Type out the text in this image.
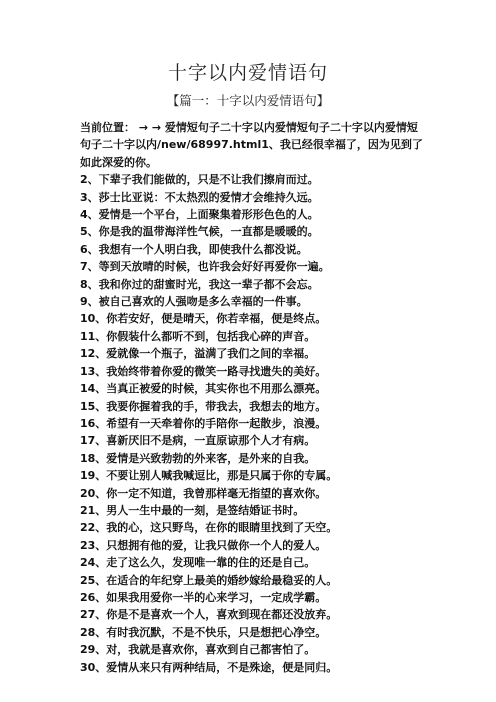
十字以内爱情语句
【篇一：十字以内爱情语句】

当前位置： → → 爱情短句子二十字以内爱情短句子二十字以内爱情短句子二十字以内/new/68997.html1、我已经很幸福了，因为见到了如此深爱的你。

2、下辈子我们能做的，只是不让我们擦肩而过。

3、莎士比亚说：不太热烈的爱情才会维持久远。

4、爱情是一个平台，上面聚集着形形色色的人。

5、你是我的温带海洋性气候，一直都是暖暖的。

6、我想有一个人明白我，即使我什么都没说。

7、等到天放晴的时候，也许我会好好再爱你一遍。

8、我和你过的甜蜜时光，我这一辈子都不会忘。

9、被自己喜欢的人强吻是多么幸福的一件事。

10、你若安好，便是晴天，你若幸福，便是终点。

11、你假装什么都听不到，包括我心碎的声音。

12、爱就像一个瓶子，溢满了我们之间的幸福。

13、我始终带着你爱的微笑一路寻找遗失的美好。

14、当真正被爱的时候，其实你也不用那么漂亮。

15、我要你握着我的手，带我去，我想去的地方。

16、希望有一天牵着你的手陪你一起散步，浪漫。

17、喜新厌旧不是病，一直原谅那个人才有病。

18、爱情是兴致勃勃的外来客，是外来的自我。

19、不要让别人喊我喊逗比，那是只属于你的专属。

20、你一定不知道，我曾那样毫无指望的喜欢你。

21、男人一生中最的一刻，是签结婚证书时。

22、我的心，这只野鸟，在你的眼睛里找到了天空。

23、只想拥有他的爱，让我只做你一个人的爱人。

24、走了这么久，发现唯一靠的住的还是自己。

25、在适合的年纪穿上最美的婚纱嫁给最稳妥的人。

26、如果我用爱你一半的心来学习，一定成学霸。

27、你是不是喜欢一个人，喜欢到现在都还没放弃。

28、有时我沉默，不是不快乐，只是想把心净空。

29、对，我就是喜欢你，喜欢到自己都害怕了。

30、爱情从来只有两种结局，不是殊途，便是同归。
